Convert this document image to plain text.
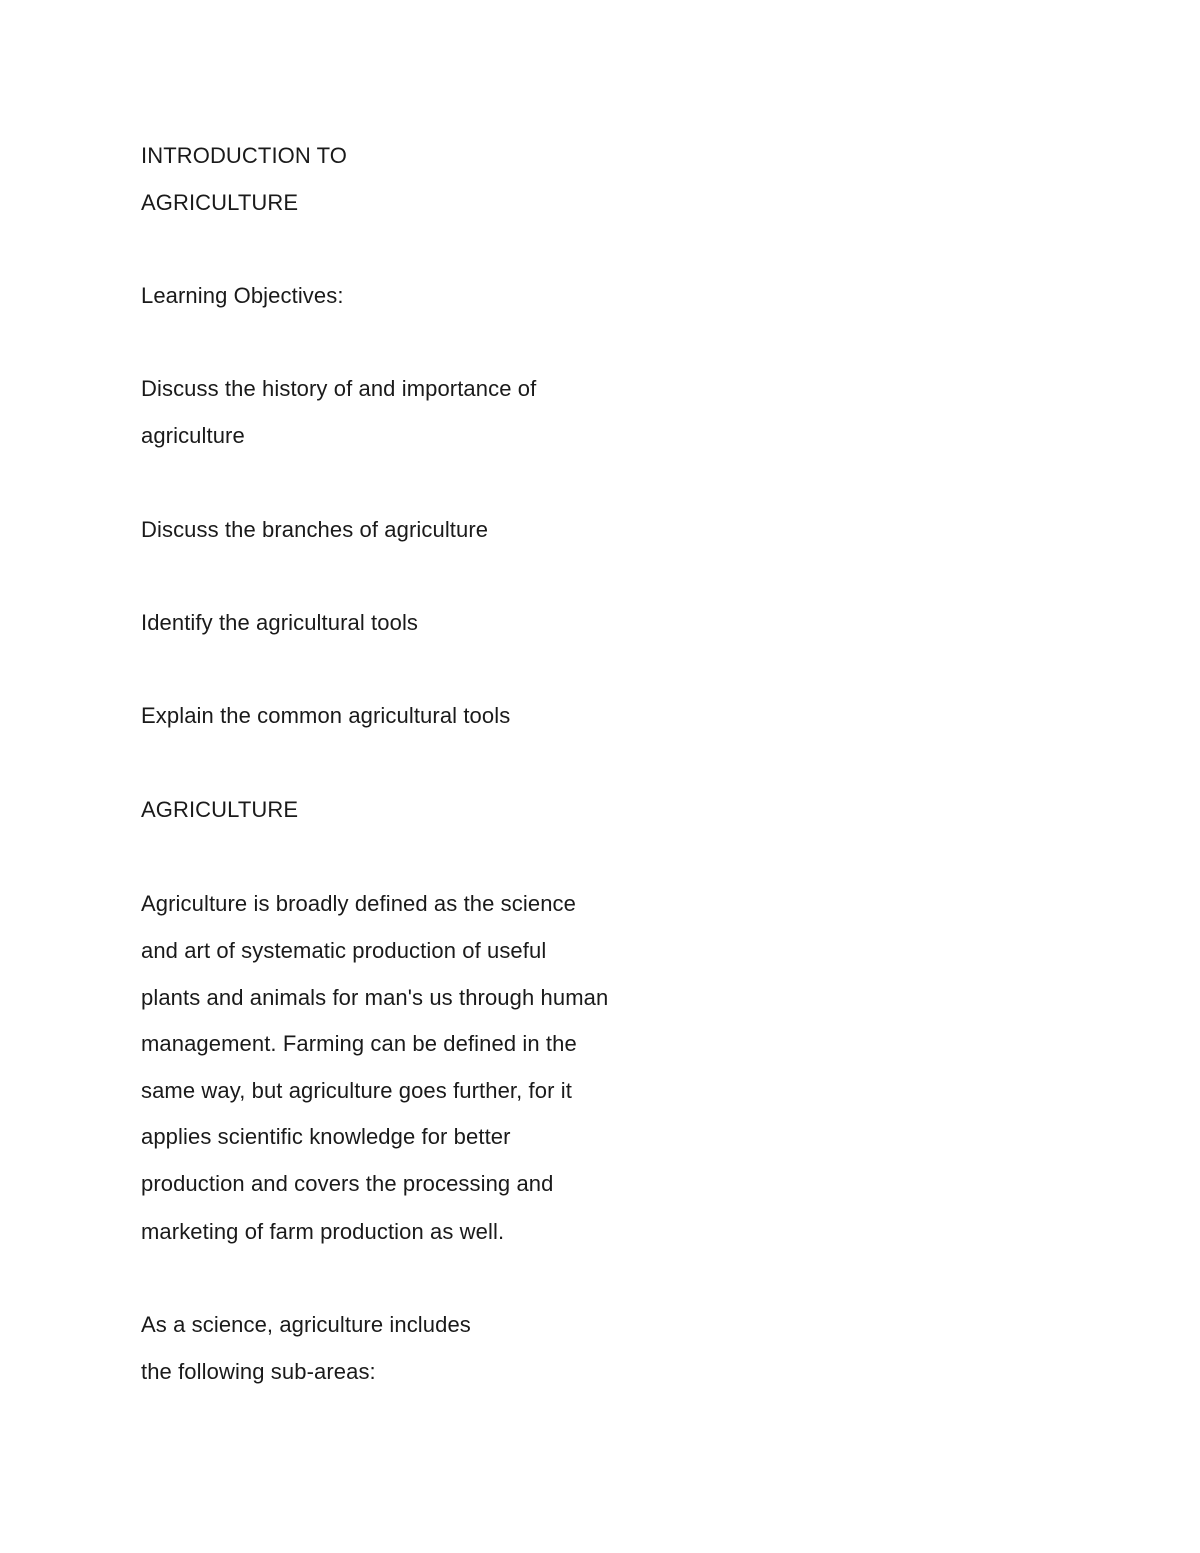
INTRODUCTION TO
AGRICULTURE
Learning Objectives:
Discuss the history of and importance of
agriculture
Discuss the branches of agriculture
Identify the agricultural tools
Explain the common agricultural tools
AGRICULTURE
Agriculture is broadly defined as the science
and art of systematic production of useful
plants and animals for man's us through human
management. Farming can be defined in the
same way, but agriculture goes further, for it
applies scientific knowledge for better
production and covers the processing and
marketing of farm production as well.
As a science, agriculture includes
the following sub-areas:
